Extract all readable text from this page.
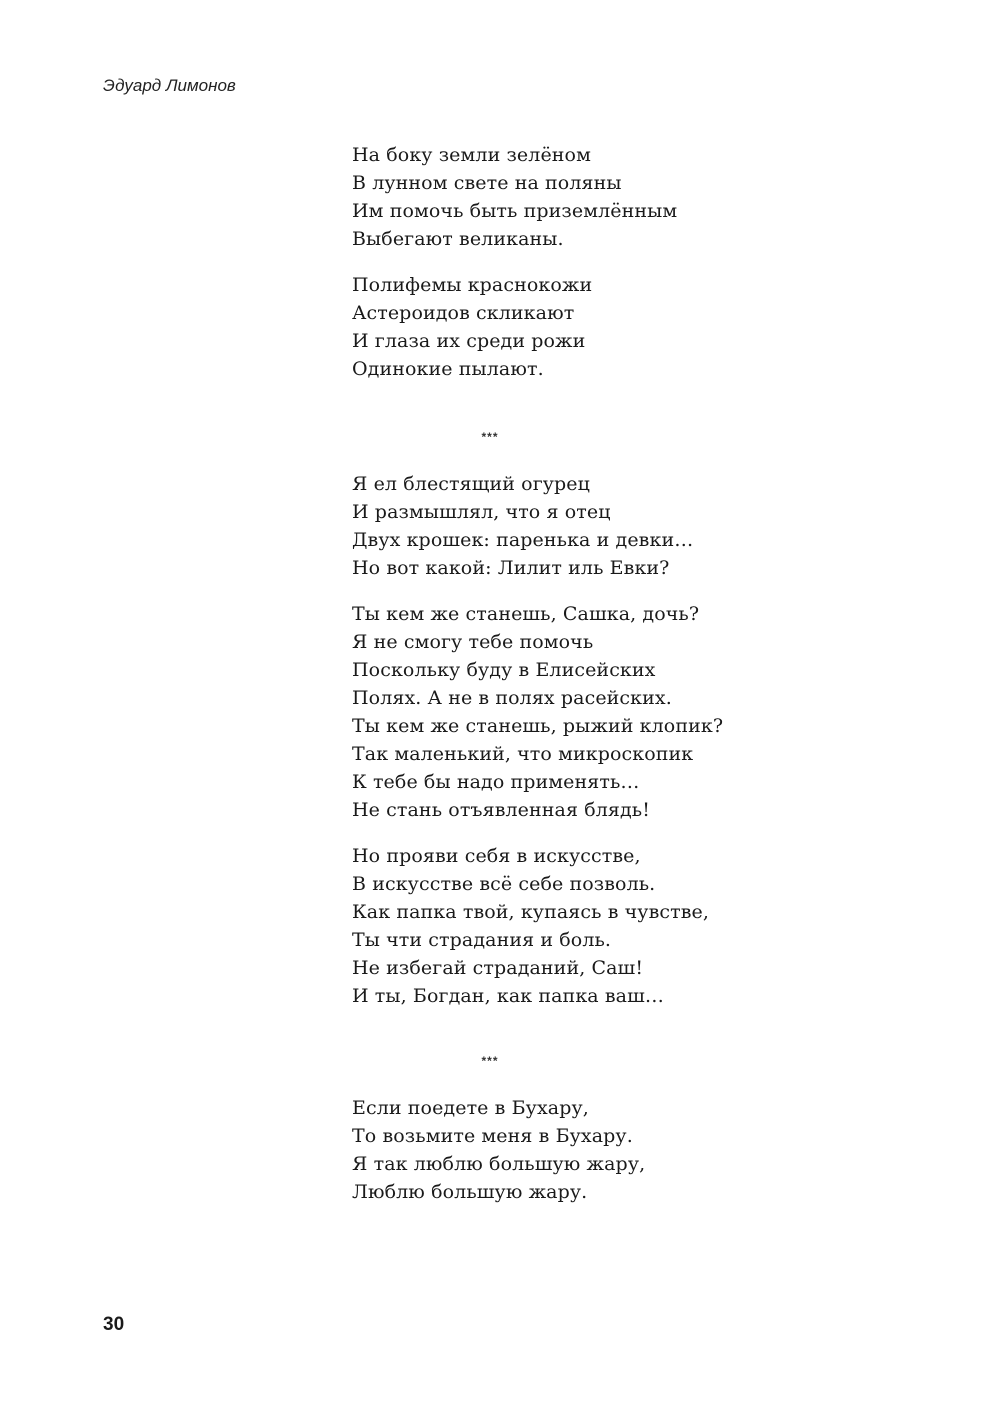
Эдуард Лимонов
На боку земли зелёном
В лунном свете на поляны
Им помочь быть приземлённым
Выбегают великаны.
Полифемы краснокожи
Астероидов скликают
И глаза их среди рожи
Одинокие пылают.
***
Я ел блестящий огурец
И размышлял, что я отец
Двух крошек: паренька и девки…
Но вот какой: Лилит иль Евки?
Ты кем же станешь, Сашка, дочь?
Я не смогу тебе помочь
Поскольку буду в Елисейских
Полях. А не в полях расейских.
Ты кем же станешь, рыжий клопик?
Так маленький, что микроскопик
К тебе бы надо применять…
Не стань отъявленная блядь!
Но прояви себя в искусстве,
В искусстве всё себе позволь.
Как папка твой, купаясь в чувстве,
Ты чти страдания и боль.
Не избегай страданий, Саш!
И ты, Богдан, как папка ваш…
***
Если поедете в Бухару,
То возьмите меня в Бухару.
Я так люблю большую жару,
Люблю большую жару.
30
